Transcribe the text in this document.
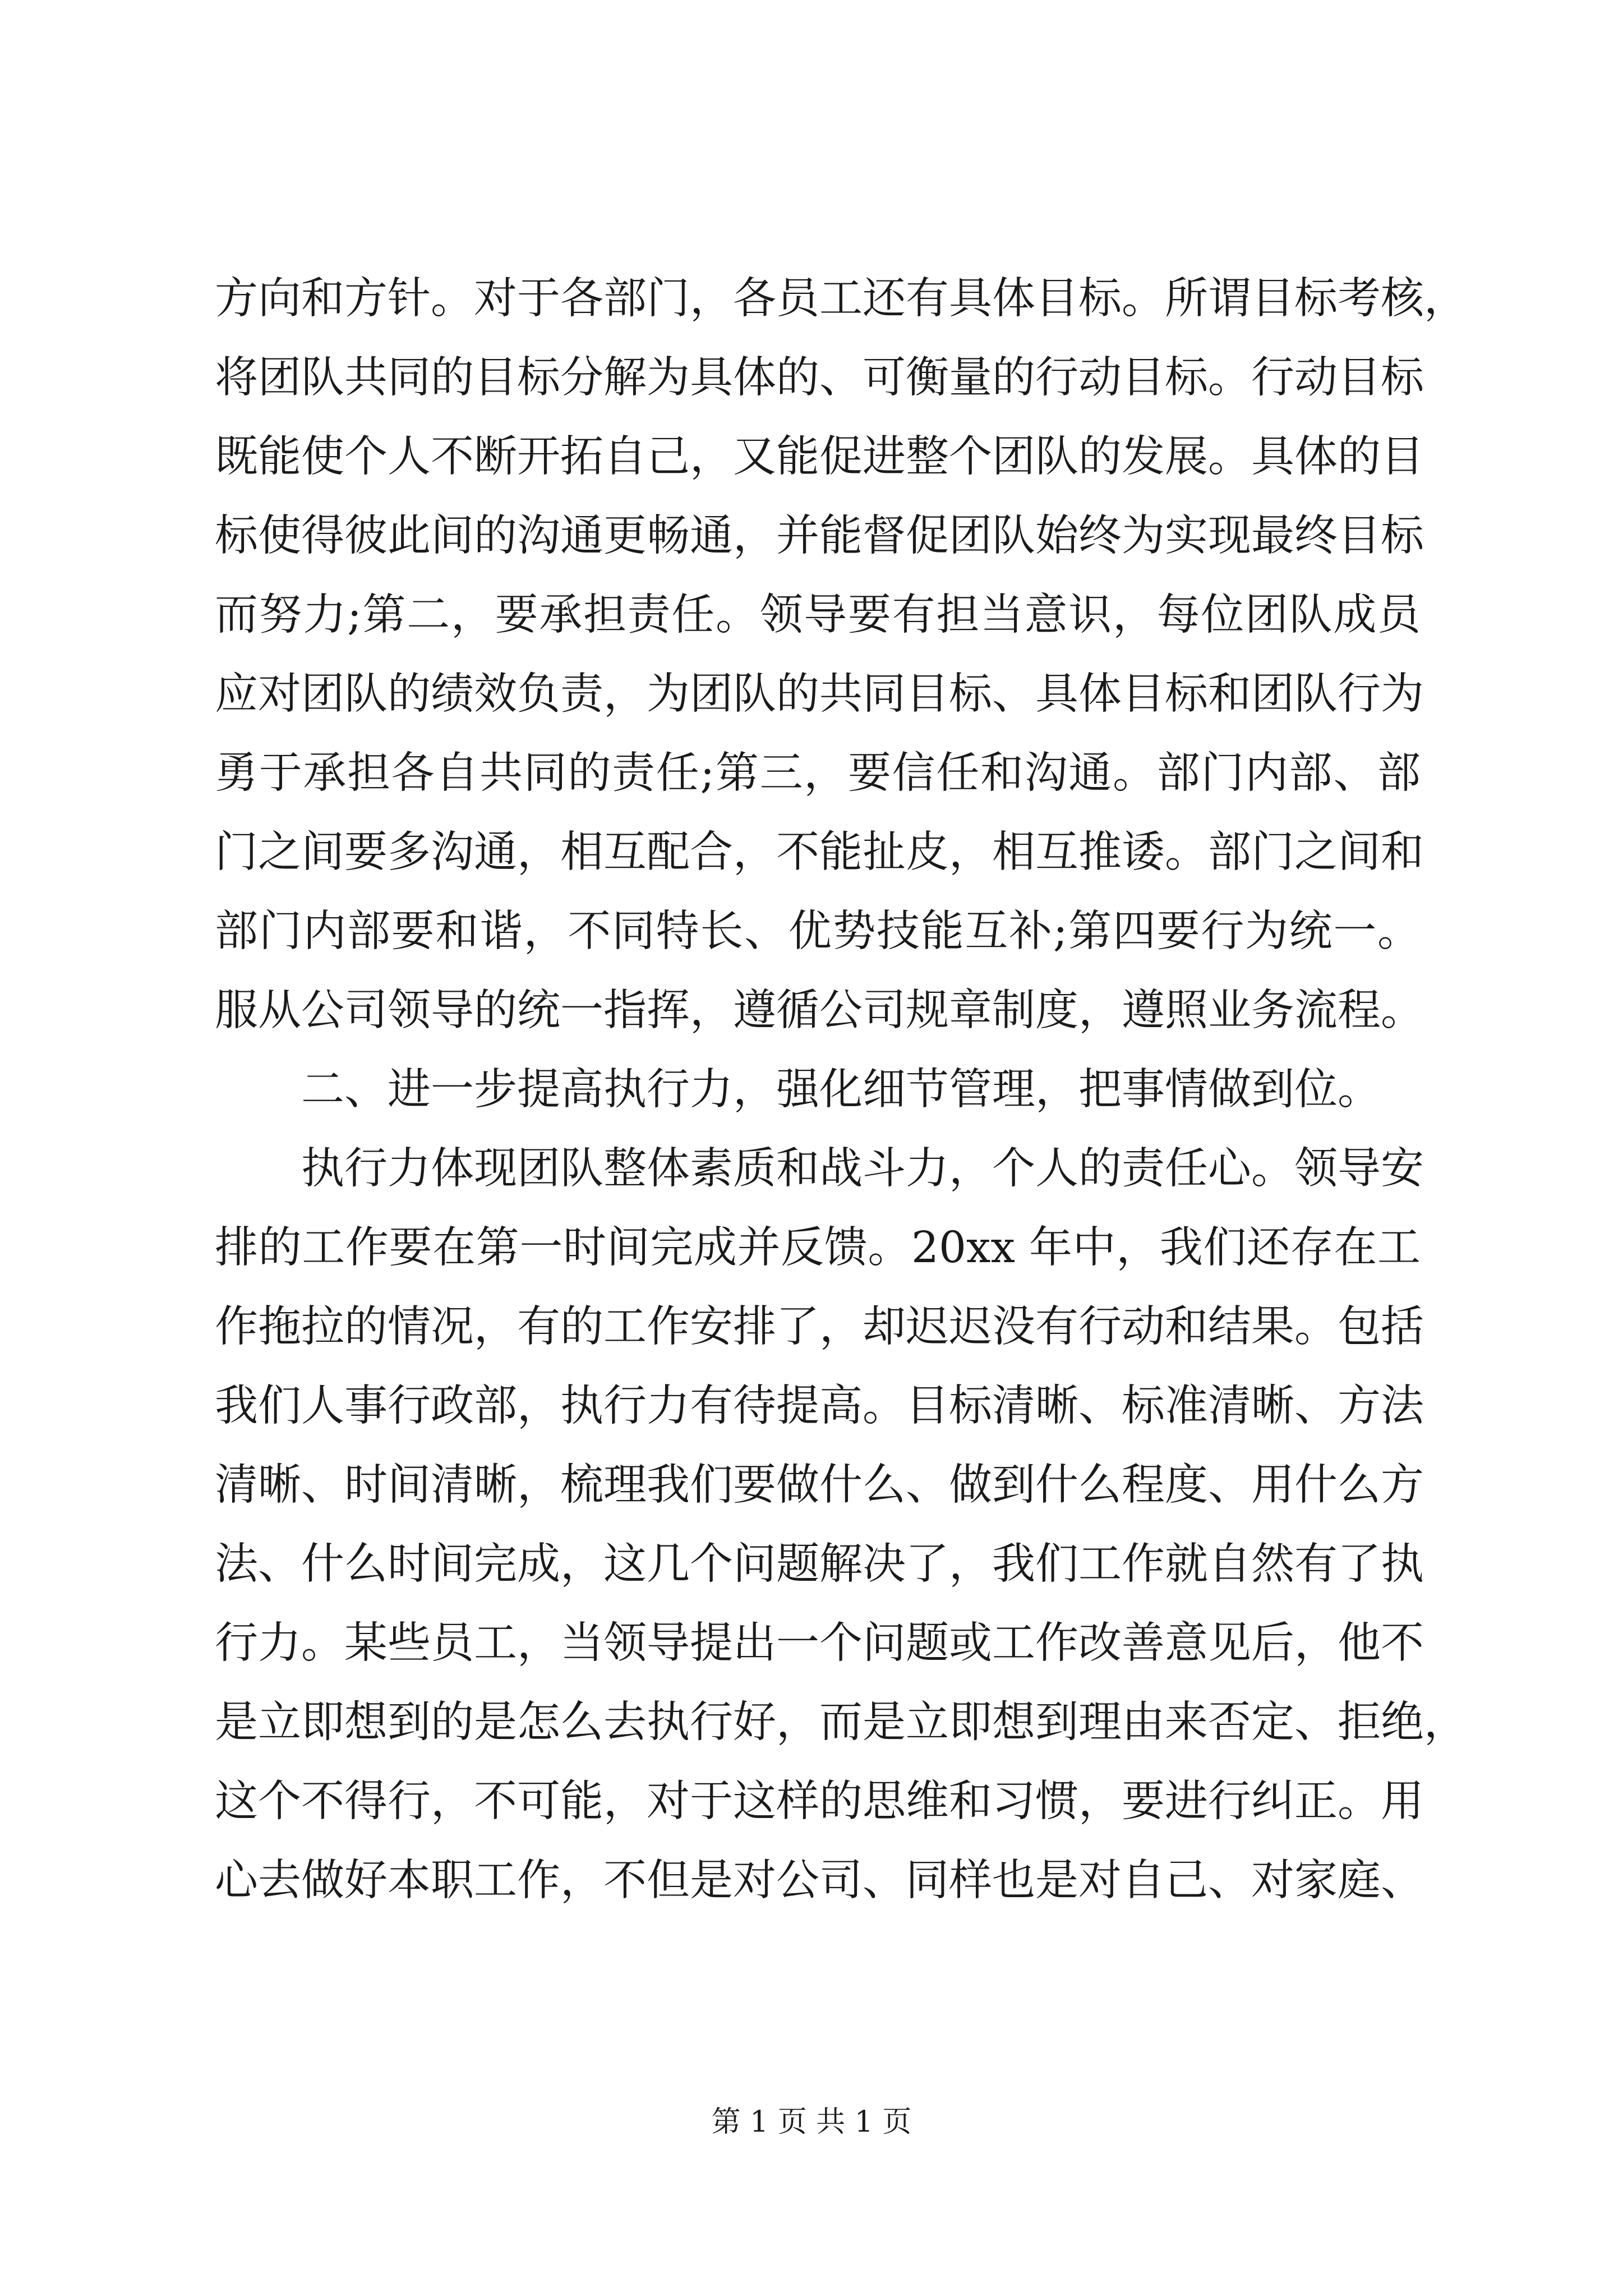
方向和方针。对于各部门，各员工还有具体目标。所谓目标考核，
将团队共同的目标分解为具体的、可衡量的行动目标。行动目标
既能使个人不断开拓自己，又能促进整个团队的发展。具体的目
标使得彼此间的沟通更畅通，并能督促团队始终为实现最终目标
而努力;第二，要承担责任。领导要有担当意识，每位团队成员
应对团队的绩效负责，为团队的共同目标、具体目标和团队行为
勇于承担各自共同的责任;第三，要信任和沟通。部门内部、部
门之间要多沟通，相互配合，不能扯皮，相互推诿。部门之间和
部门内部要和谐，不同特长、优势技能互补;第四要行为统一。
服从公司领导的统一指挥，遵循公司规章制度，遵照业务流程。
二、进一步提高执行力，强化细节管理，把事情做到位。
执行力体现团队整体素质和战斗力，个人的责任心。领导安
排的工作要在第一时间完成并反馈。20xx 年中，我们还存在工
作拖拉的情况，有的工作安排了，却迟迟没有行动和结果。包括
我们人事行政部，执行力有待提高。目标清晰、标准清晰、方法
清晰、时间清晰，梳理我们要做什么、做到什么程度、用什么方
法、什么时间完成，这几个问题解决了，我们工作就自然有了执
行力。某些员工，当领导提出一个问题或工作改善意见后，他不
是立即想到的是怎么去执行好，而是立即想到理由来否定、拒绝，
这个不得行，不可能，对于这样的思维和习惯，要进行纠正。用
心去做好本职工作，不但是对公司、同样也是对自己、对家庭、
第 1 页 共 1 页
